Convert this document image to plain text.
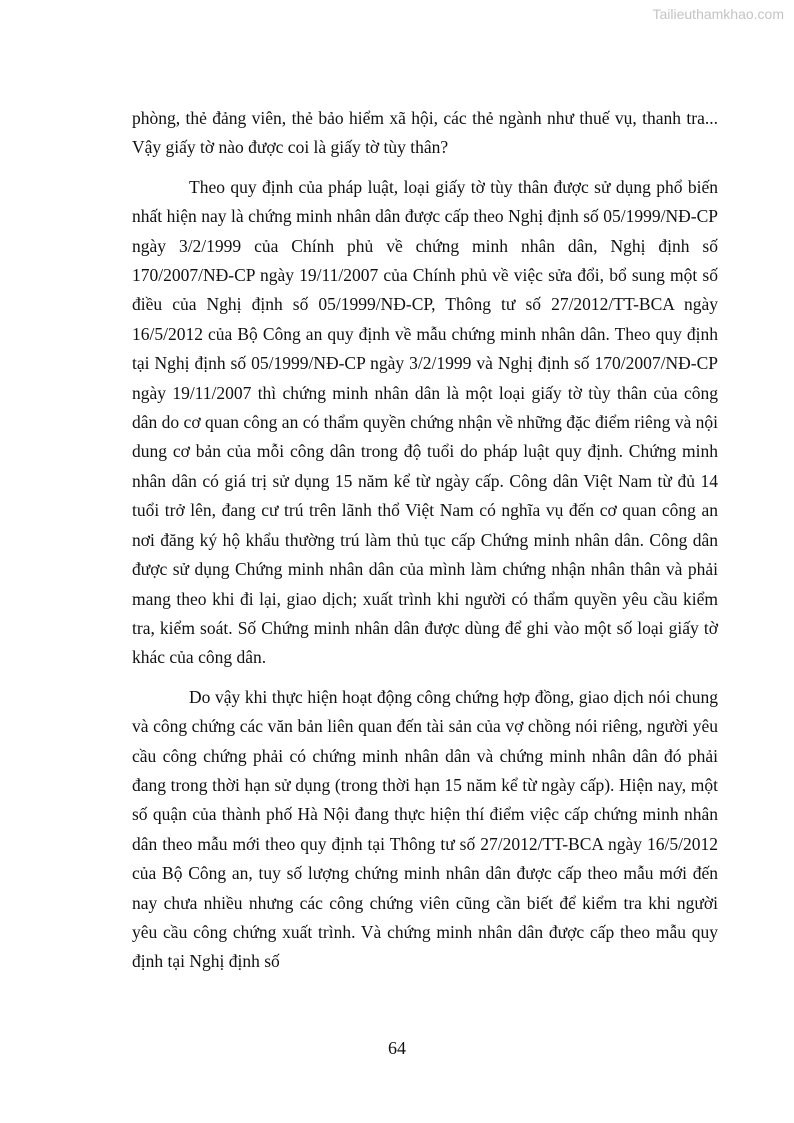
Tailieuthamkhao.com

phòng, thẻ đảng viên, thẻ bảo hiểm xã hội, các thẻ ngành như thuế vụ, thanh tra... Vậy giấy tờ nào được coi là giấy tờ tùy thân?

Theo quy định của pháp luật, loại giấy tờ tùy thân được sử dụng phổ biến nhất hiện nay là chứng minh nhân dân được cấp theo Nghị định số 05/1999/NĐ-CP ngày 3/2/1999 của Chính phủ về chứng minh nhân dân, Nghị định số 170/2007/NĐ-CP ngày 19/11/2007 của Chính phủ về việc sửa đổi, bổ sung một số điều của Nghị định số 05/1999/NĐ-CP, Thông tư số 27/2012/TT-BCA ngày 16/5/2012 của Bộ Công an quy định về mẫu chứng minh nhân dân. Theo quy định tại Nghị định số 05/1999/NĐ-CP ngày 3/2/1999 và Nghị định số 170/2007/NĐ-CP ngày 19/11/2007 thì chứng minh nhân dân là một loại giấy tờ tùy thân của công dân do cơ quan công an có thẩm quyền chứng nhận về những đặc điểm riêng và nội dung cơ bản của mỗi công dân trong độ tuổi do pháp luật quy định. Chứng minh nhân dân có giá trị sử dụng 15 năm kể từ ngày cấp. Công dân Việt Nam từ đủ 14 tuổi trở lên, đang cư trú trên lãnh thổ Việt Nam có nghĩa vụ đến cơ quan công an nơi đăng ký hộ khẩu thường trú làm thủ tục cấp Chứng minh nhân dân. Công dân được sử dụng Chứng minh nhân dân của mình làm chứng nhận nhân thân và phải mang theo khi đi lại, giao dịch; xuất trình khi người có thẩm quyền yêu cầu kiểm tra, kiểm soát. Số Chứng minh nhân dân được dùng để ghi vào một số loại giấy tờ khác của công dân.

Do vậy khi thực hiện hoạt động công chứng hợp đồng, giao dịch nói chung và công chứng các văn bản liên quan đến tài sản của vợ chồng nói riêng, người yêu cầu công chứng phải có chứng minh nhân dân và chứng minh nhân dân đó phải đang trong thời hạn sử dụng (trong thời hạn 15 năm kể từ ngày cấp). Hiện nay, một số quận của thành phố Hà Nội đang thực hiện thí điểm việc cấp chứng minh nhân dân theo mẫu mới theo quy định tại Thông tư số 27/2012/TT-BCA ngày 16/5/2012 của Bộ Công an, tuy số lượng chứng minh nhân dân được cấp theo mẫu mới đến nay chưa nhiều nhưng các công chứng viên cũng cần biết để kiểm tra khi người yêu cầu công chứng xuất trình. Và chứng minh nhân dân được cấp theo mẫu quy định tại Nghị định số

64
